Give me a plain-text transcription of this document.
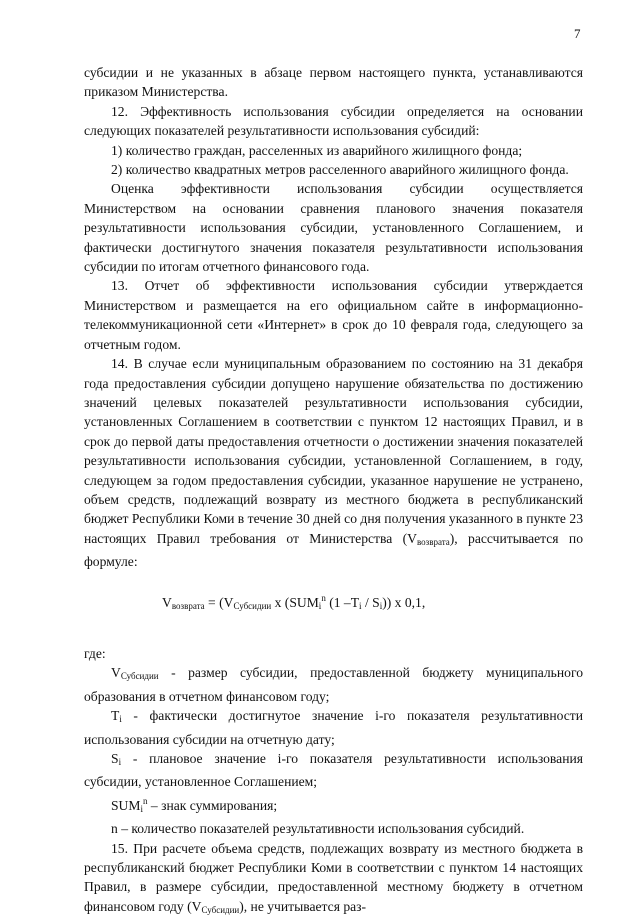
7

субсидии и не указанных в абзаце первом настоящего пункта, устанавливаются приказом Министерства.

12. Эффективность использования субсидии определяется на основании следующих показателей результативности использования субсидий:

1) количество граждан, расселенных из аварийного жилищного фонда;

2) количество квадратных метров расселенного аварийного жилищного фонда.

Оценка эффективности использования субсидии осуществляется Министерством на основании сравнения планового значения показателя результативности использования субсидии, установленного Соглашением, и фактически достигнутого значения показателя результативности использования субсидии по итогам отчетного финансового года.

13. Отчет об эффективности использования субсидии утверждается Министерством и размещается на его официальном сайте в информационно-телекоммуникационной сети «Интернет» в срок до 10 февраля года, следующего за отчетным годом.

14. В случае если муниципальным образованием по состоянию на 31 декабря года предоставления субсидии допущено нарушение обязательства по достижению значений целевых показателей результативности использования субсидии, установленных Соглашением в соответствии с пунктом 12 настоящих Правил, и в срок до первой даты предоставления отчетности о достижении значения показателей результативности использования субсидии, установленной Соглашением, в году, следующем за годом предоставления субсидии, указанное нарушение не устранено, объем средств, подлежащий возврату из местного бюджета в республиканский бюджет Республики Коми в течение 30 дней со дня получения указанного в пункте 23 настоящих Правил требования от Министерства $(V_{возврата})$, рассчитывается по формуле:

$V_{возврата} = (V_{Субсидии}$ x ($SUM_i^n$ (1 $-T_i / S_i$)) x 0,1,

где:

$V_{Субсидии}$ - размер субсидии, предоставленной бюджету муниципального образования в отчетном финансовом году;

$T_i$ - фактически достигнутое значение i-го показателя результативности использования субсидии на отчетную дату;

$S_i$ - плановое значение i-го показателя результативности использования субсидии, установленное Соглашением;

$SUM_i^n$ – знак суммирования;

n – количество показателей результативности использования субсидий.

15. При расчете объема средств, подлежащих возврату из местного бюджета в республиканский бюджет Республики Коми в соответствии с пунктом 14 настоящих Правил, в размере субсидии, предоставленной местному бюджету в отчетном финансовом году $(V_{Субсидии})$, не учитывается раз-
